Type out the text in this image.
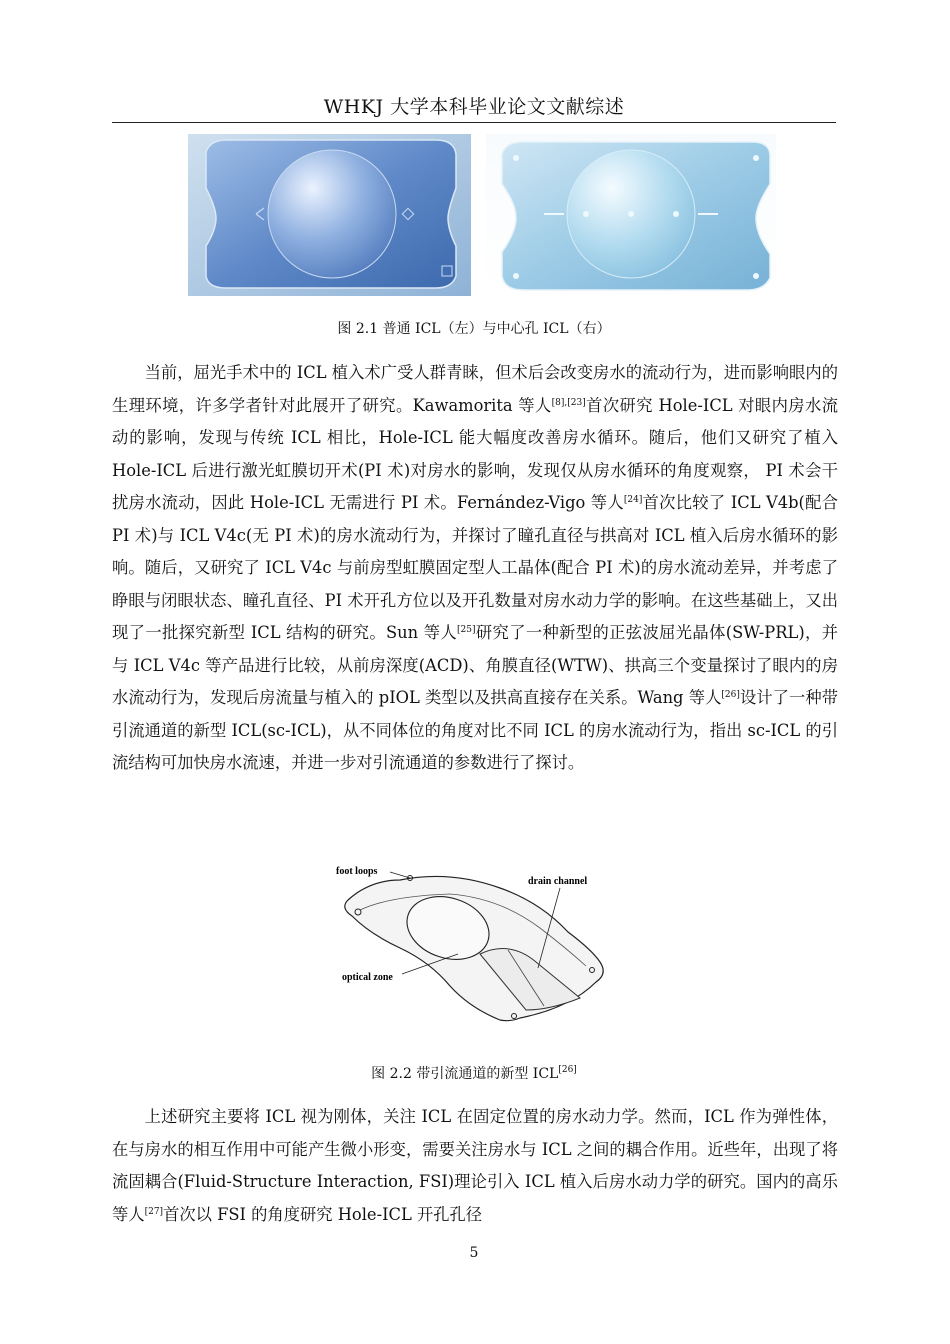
WHKJ 大学本科毕业论文文献综述
图 2.1 普通 ICL（左）与中心孔 ICL（右）

当前，屈光手术中的 ICL 植入术广受人群青睐，但术后会改变房水的流动行为，进而影响眼内的生理环境，许多学者针对此展开了研究。Kawamorita 等人[8],[23]首次研究 Hole-ICL 对眼内房水流动的影响，发现与传统 ICL 相比，Hole-ICL 能大幅度改善房水循环。随后，他们又研究了植入 Hole-ICL 后进行激光虹膜切开术(PI 术)对房水的影响，发现仅从房水循环的角度观察， PI 术会干扰房水流动，因此 Hole-ICL 无需进行 PI 术。Fernández-Vigo 等人[24]首次比较了 ICL V4b(配合 PI 术)与 ICL V4c(无 PI 术)的房水流动行为，并探讨了瞳孔直径与拱高对 ICL 植入后房水循环的影响。随后，又研究了 ICL V4c 与前房型虹膜固定型人工晶体(配合 PI 术)的房水流动差异，并考虑了睁眼与闭眼状态、瞳孔直径、PI 术开孔方位以及开孔数量对房水动力学的影响。在这些基础上，又出现了一批探究新型 ICL 结构的研究。Sun 等人[25]研究了一种新型的正弦波屈光晶体(SW-PRL)，并与 ICL V4c 等产品进行比较，从前房深度(ACD)、角膜直径(WTW)、拱高三个变量探讨了眼内的房水流动行为，发现后房流量与植入的 pIOL 类型以及拱高直接存在关系。Wang 等人[26]设计了一种带引流通道的新型 ICL(sc-ICL)，从不同体位的角度对比不同 ICL 的房水流动行为，指出 sc-ICL 的引流结构可加快房水流速，并进一步对引流通道的参数进行了探讨。

foot loops
drain channel
optical zone
图 2.2 带引流通道的新型 ICL[26]

上述研究主要将 ICL 视为刚体，关注 ICL 在固定位置的房水动力学。然而，ICL 作为弹性体，在与房水的相互作用中可能产生微小形变，需要关注房水与 ICL 之间的耦合作用。近些年，出现了将流固耦合(Fluid-Structure Interaction, FSI)理论引入 ICL 植入后房水动力学的研究。国内的高乐等人[27]首次以 FSI 的角度研究 Hole-ICL 开孔孔径

5
